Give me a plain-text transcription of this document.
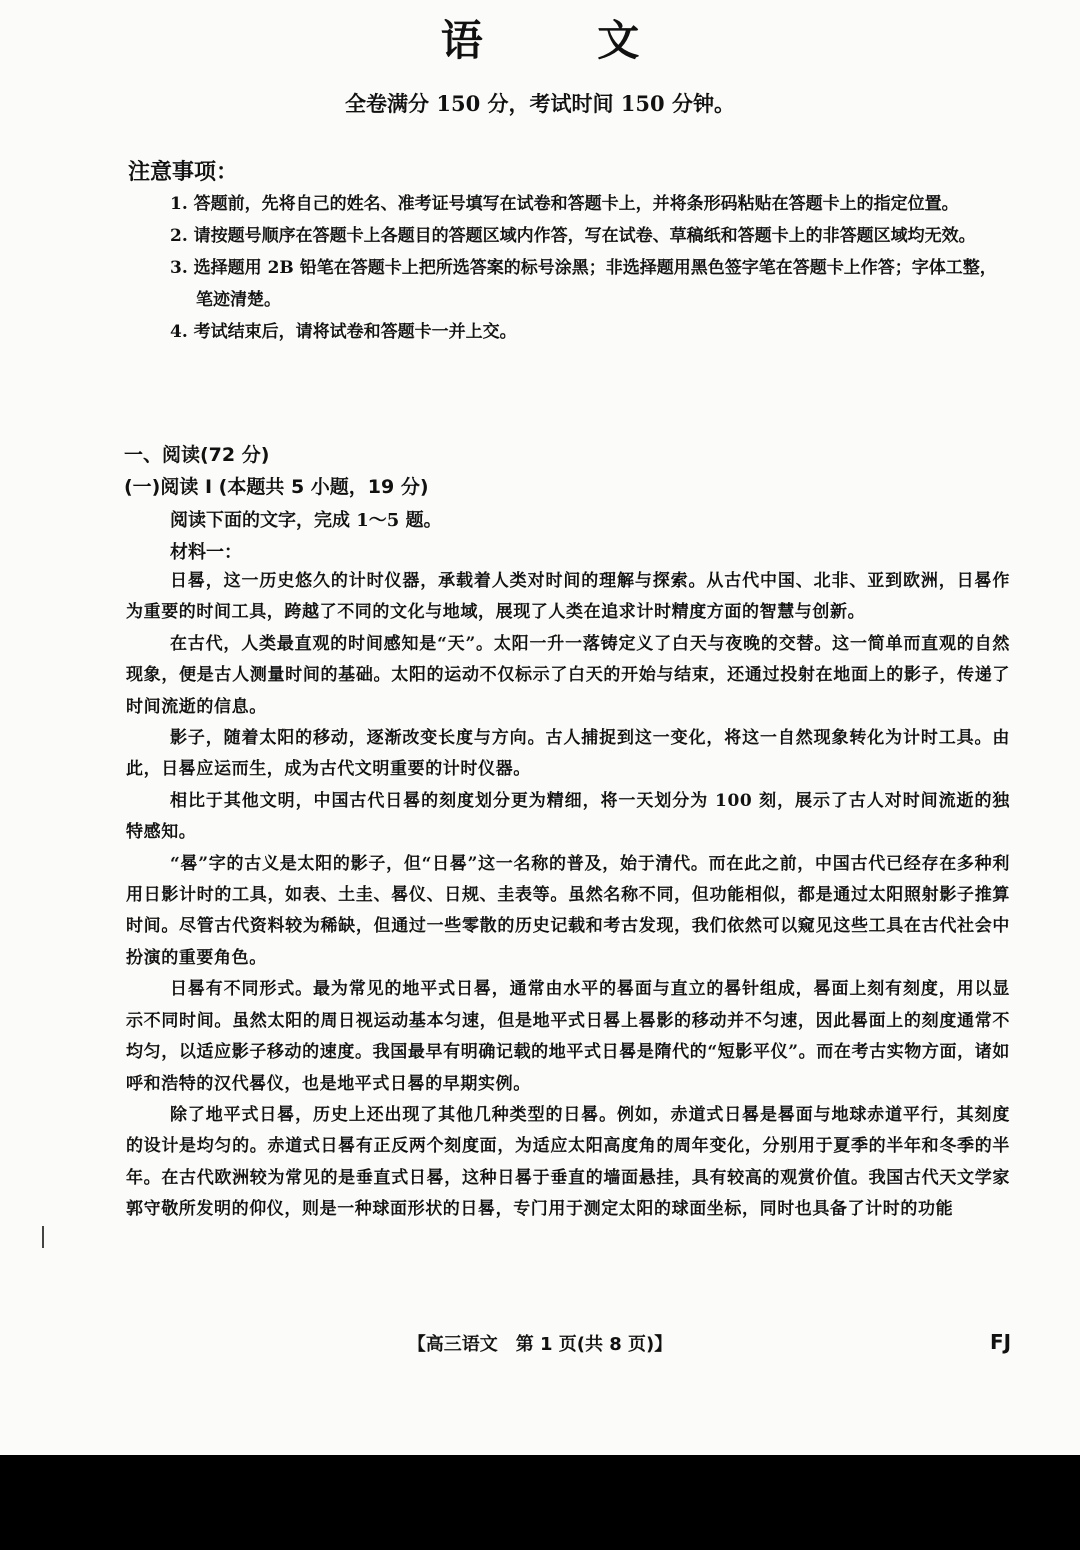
语 文
全卷满分 150 分，考试时间 150 分钟。
注意事项：
1. 答题前，先将自己的姓名、准考证号填写在试卷和答题卡上，并将条形码粘贴在答题卡上的指定位置。
2. 请按题号顺序在答题卡上各题目的答题区域内作答，写在试卷、草稿纸和答题卡上的非答题区域均无效。
3. 选择题用 2B 铅笔在答题卡上把所选答案的标号涂黑；非选择题用黑色签字笔在答题卡上作答；字体工整，笔迹清楚。
4. 考试结束后，请将试卷和答题卡一并上交。
一、阅读(72 分)
(一)阅读 I (本题共 5 小题，19 分)
阅读下面的文字，完成 1～5 题。
材料一：

日晷，这一历史悠久的计时仪器，承载着人类对时间的理解与探索。从古代中国、北非、亚到欧洲，日晷作为重要的时间工具，跨越了不同的文化与地域，展现了人类在追求计时精度方面的智慧与创新。

在古代，人类最直观的时间感知是“天”。太阳一升一落铸定义了白天与夜晚的交替。这一简单而直观的自然现象，便是古人测量时间的基础。太阳的运动不仅标示了白天的开始与结束，还通过投射在地面上的影子，传递了时间流逝的信息。

影子，随着太阳的移动，逐渐改变长度与方向。古人捕捉到这一变化，将这一自然现象转化为计时工具。由此，日晷应运而生，成为古代文明重要的计时仪器。

相比于其他文明，中国古代日晷的刻度划分更为精细，将一天划分为 100 刻，展示了古人对时间流逝的独特感知。

“晷”字的古义是太阳的影子，但“日晷”这一名称的普及，始于清代。而在此之前，中国古代已经存在多种利用日影计时的工具，如表、土圭、晷仪、日规、圭表等。虽然名称不同，但功能相似，都是通过太阳照射影子推算时间。尽管古代资料较为稀缺，但通过一些零散的历史记载和考古发现，我们依然可以窥见这些工具在古代社会中扮演的重要角色。

日晷有不同形式。最为常见的地平式日晷，通常由水平的晷面与直立的晷针组成，晷面上刻有刻度，用以显示不同时间。虽然太阳的周日视运动基本匀速，但是地平式日晷上晷影的移动并不匀速，因此晷面上的刻度通常不均匀，以适应影子移动的速度。我国最早有明确记载的地平式日晷是隋代的“短影平仪”。而在考古实物方面，诸如呼和浩特的汉代晷仪，也是地平式日晷的早期实例。

除了地平式日晷，历史上还出现了其他几种类型的日晷。例如，赤道式日晷是晷面与地球赤道平行，其刻度的设计是均匀的。赤道式日晷有正反两个刻度面，为适应太阳高度角的周年变化，分别用于夏季的半年和冬季的半年。在古代欧洲较为常见的是垂直式日晷，这种日晷于垂直的墙面悬挂，具有较高的观赏价值。我国古代天文学家郭守敬所发明的仰仪，则是一种球面形状的日晷，专门用于测定太阳的球面坐标，同时也具备了计时的功能

【高三语文　第 1 页(共 8 页)】	FJ
